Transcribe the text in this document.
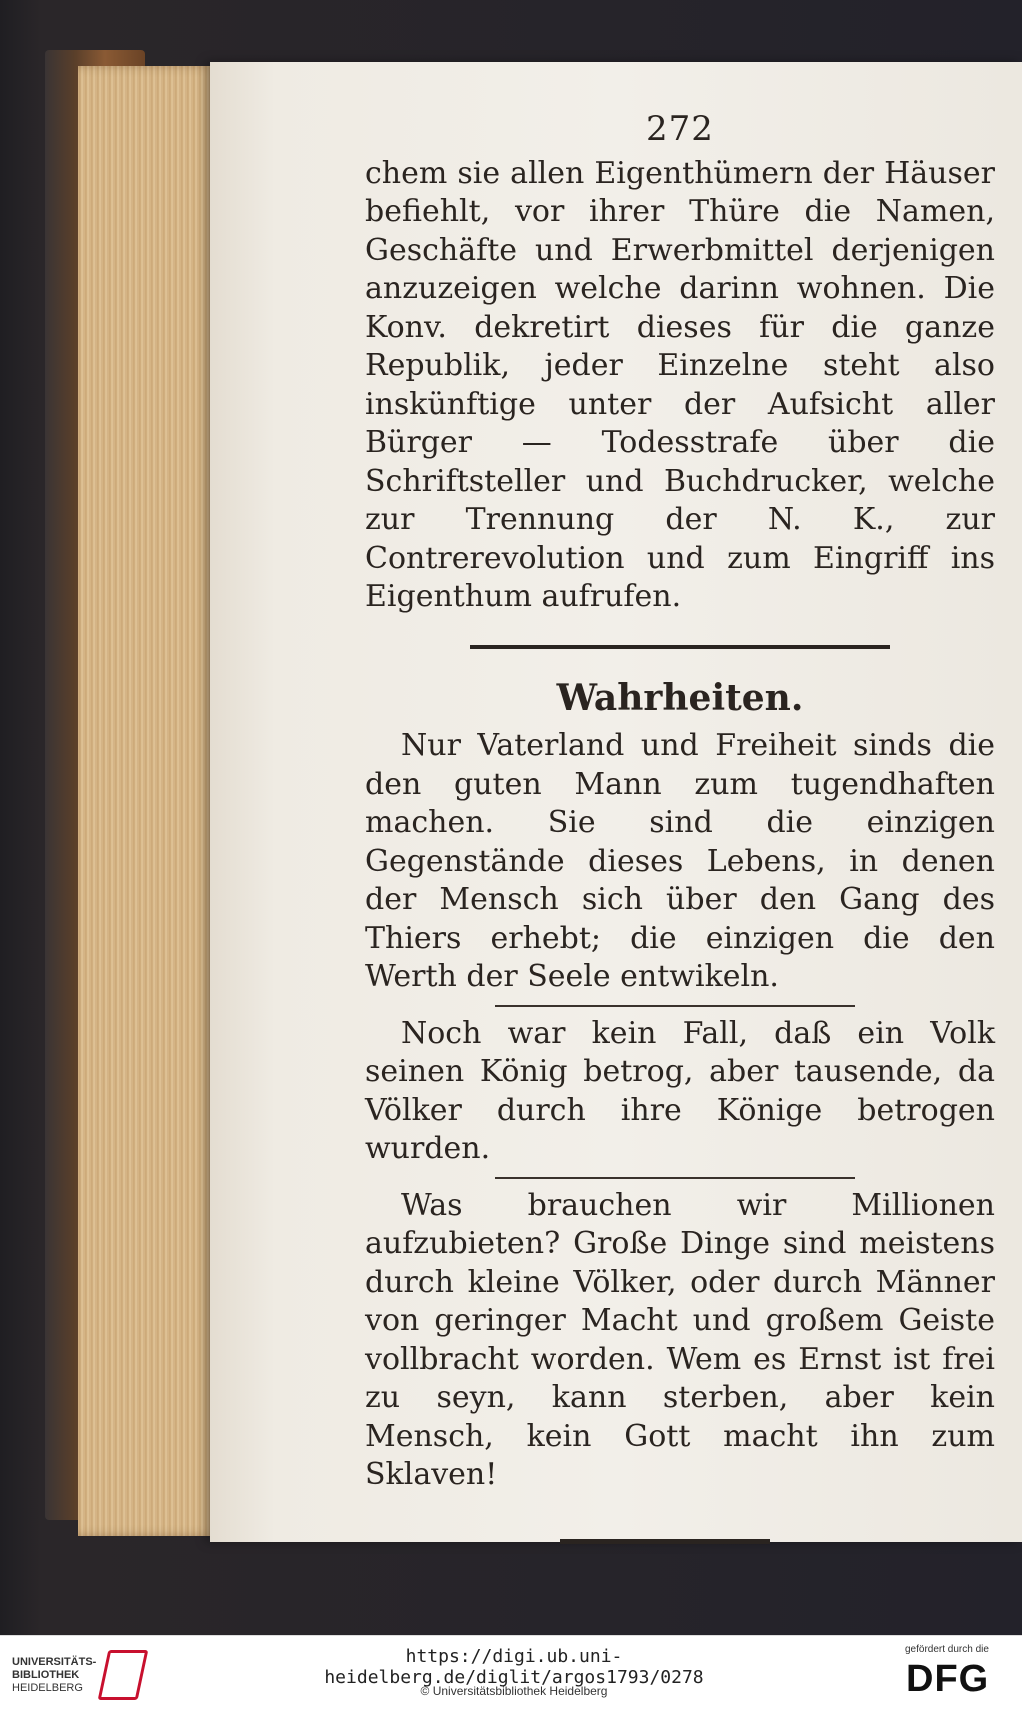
272

chem sie allen Eigenthümern der Häuser befiehlt, vor ihrer Thüre die Namen, Geschäfte und Erwerbmittel derjenigen anzuzeigen welche darinn wohnen. Die Konv. dekretirt dieses für die ganze Republik, jeder Einzelne steht also inskünftige unter der Aufsicht aller Bürger — Todesstrafe über die Schriftsteller und Buchdrucker, welche zur Trennung der N. K., zur Contrerevolution und zum Eingriff ins Eigenthum aufrufen.

Wahrheiten.

Nur Vaterland und Freiheit sinds die den guten Mann zum tugendhaften machen. Sie sind die einzigen Gegenstände dieses Lebens, in denen der Mensch sich über den Gang des Thiers erhebt; die einzigen die den Werth der Seele entwikeln.

Noch war kein Fall, daß ein Volk seinen König betrog, aber tausende, da Völker durch ihre Könige betrogen wurden.

Was brauchen wir Millionen aufzubieten? Große Dinge sind meistens durch kleine Völker, oder durch Männer von geringer Macht und großem Geiste vollbracht worden. Wem es Ernst ist frei zu seyn, kann sterben, aber kein Mensch, kein Gott macht ihn zum Sklaven!

UNIVERSITÄTS-
BIBLIOTHEK
HEIDELBERG
https://digi.ub.uni-heidelberg.de/diglit/argos1793/0278
© Universitätsbibliothek Heidelberg
gefördert durch die
DFG
